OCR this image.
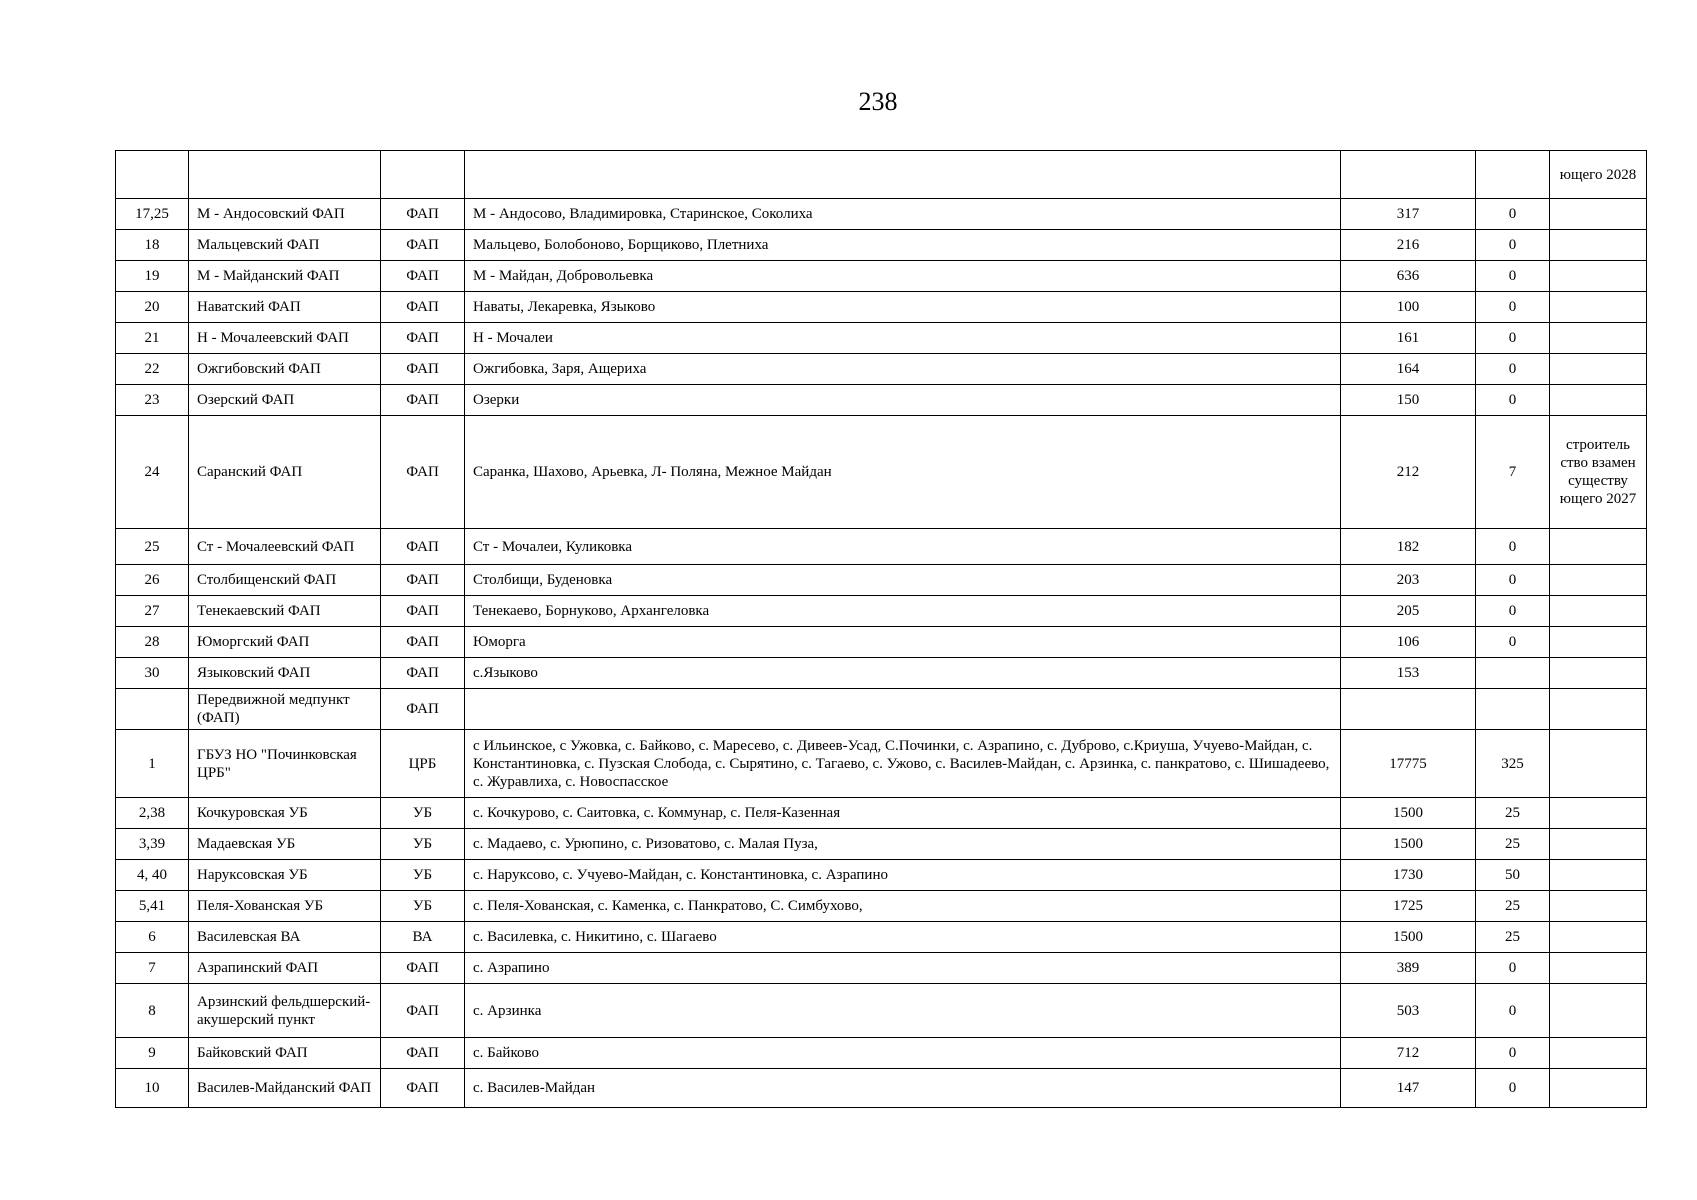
238
						ющего 2028
17,25	М - Андосовский ФАП	ФАП	М - Андосово, Владимировка, Старинское, Соколиха	317	0	
18	Мальцевский ФАП	ФАП	Мальцево, Болобоново, Борщиково, Плетниха	216	0	
19	М - Майданский ФАП	ФАП	М - Майдан, Добровольевка	636	0	
20	Наватский ФАП	ФАП	Наваты, Лекаревка, Языково	100	0	
21	Н - Мочалеевский ФАП	ФАП	Н - Мочалеи	161	0	
22	Ожгибовский ФАП	ФАП	Ожгибовка, Заря, Ащериха	164	0	
23	Озерский ФАП	ФАП	Озерки	150	0	
24	Саранский ФАП	ФАП	Саранка, Шахово, Арьевка, Л- Поляна, Межное Майдан	212	7	строитель ство взамен существу ющего 2027
25	Ст - Мочалеевский ФАП	ФАП	Ст - Мочалеи, Куликовка	182	0	
26	Столбищенский ФАП	ФАП	Столбищи, Буденовка	203	0	
27	Тенекаевский ФАП	ФАП	Тенекаево, Борнуково, Архангеловка	205	0	
28	Юморгский ФАП	ФАП	Юморга	106	0	
30	Языковский ФАП	ФАП	с.Языково	153		
	Передвижной медпункт (ФАП)	ФАП				
1	ГБУЗ НО "Починковская ЦРБ"	ЦРБ	с Ильинское, с Ужовка, с. Байково, с. Маресево, с. Дивеев-Усад, С.Починки, с. Азрапино, с. Дуброво, с.Криуша, Учуево-Майдан, с. Константиновка, с. Пузская Слобода, с. Сырятино, с. Тагаево, с. Ужово, с. Василев-Майдан, с. Арзинка, с. панкратово, с. Шишадеево, с. Журавлиха, с. Новоспасское	17775	325	
2,38	Кочкуровская УБ	УБ	с. Кочкурово, с. Саитовка, с. Коммунар, с. Пеля-Казенная	1500	25	
3,39	Мадаевская УБ	УБ	с. Мадаево, с. Урюпино, с. Ризоватово, с. Малая Пуза,	1500	25	
4, 40	Наруксовская УБ	УБ	с. Наруксово, с. Учуево-Майдан, с. Константиновка, с. Азрапино	1730	50	
5,41	Пеля-Хованская УБ	УБ	с. Пеля-Хованская, с. Каменка, с. Панкратово, С. Симбухово,	1725	25	
6	Василевская ВА	ВА	с. Василевка, с. Никитино, с. Шагаево	1500	25	
7	Азрапинский ФАП	ФАП	с. Азрапино	389	0	
8	Арзинский фельдшерский-акушерский пункт	ФАП	с. Арзинка	503	0	
9	Байковский ФАП	ФАП	с. Байково	712	0	
10	Василев-Майданский ФАП	ФАП	с. Василев-Майдан	147	0	
